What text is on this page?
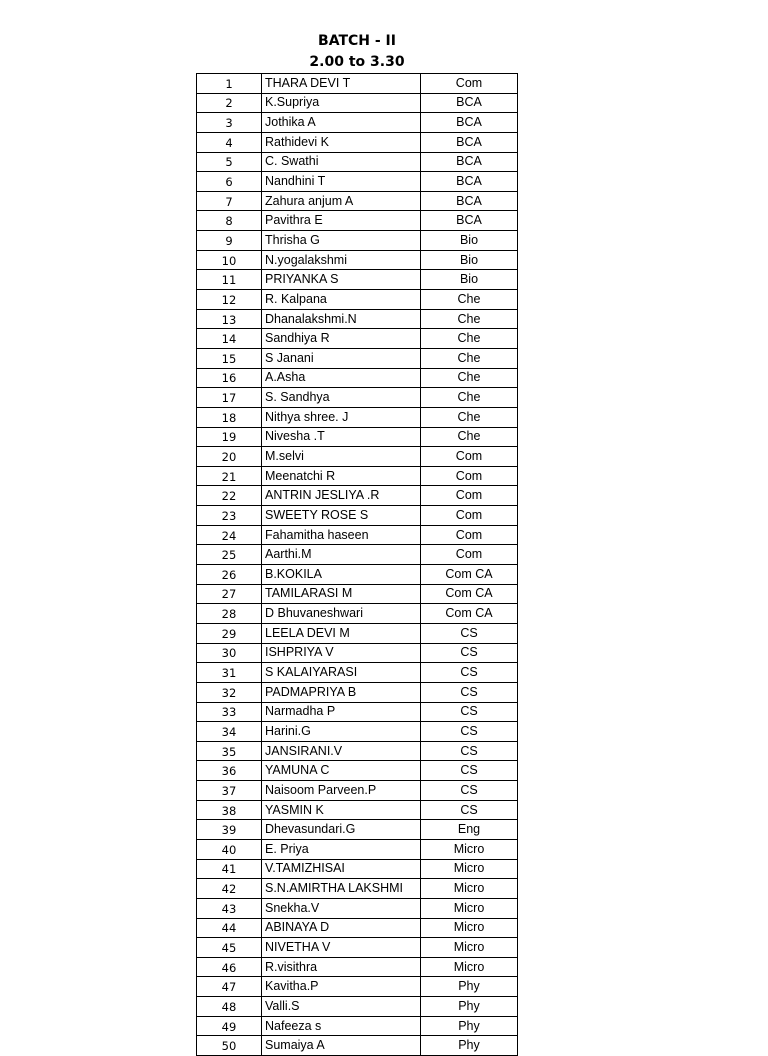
BATCH - II
2.00 to 3.30
1	THARA DEVI T	Com
2	K.Supriya	BCA
3	Jothika A	BCA
4	Rathidevi K	BCA
5	C. Swathi	BCA
6	Nandhini T	BCA
7	Zahura anjum A	BCA
8	Pavithra E	BCA
9	Thrisha G	Bio
10	N.yogalakshmi	Bio
11	PRIYANKA S	Bio
12	R. Kalpana	Che
13	Dhanalakshmi.N	Che
14	Sandhiya R	Che
15	S Janani	Che
16	A.Asha	Che
17	S. Sandhya	Che
18	Nithya shree. J	Che
19	Nivesha .T	Che
20	M.selvi	Com
21	Meenatchi R	Com
22	ANTRIN JESLIYA .R	Com
23	SWEETY ROSE S	Com
24	Fahamitha haseen	Com
25	Aarthi.M	Com
26	B.KOKILA	Com CA
27	TAMILARASI M	Com CA
28	D Bhuvaneshwari	Com CA
29	LEELA DEVI M	CS
30	ISHPRIYA V	CS
31	S KALAIYARASI	CS
32	PADMAPRIYA B	CS
33	Narmadha P	CS
34	Harini.G	CS
35	JANSIRANI.V	CS
36	YAMUNA C	CS
37	Naisoom Parveen.P	CS
38	YASMIN K	CS
39	Dhevasundari.G	Eng
40	E. Priya	Micro
41	V.TAMIZHISAI	Micro
42	S.N.AMIRTHA LAKSHMI	Micro
43	Snekha.V	Micro
44	ABINAYA D	Micro
45	NIVETHA V	Micro
46	R.visithra	Micro
47	Kavitha.P	Phy
48	Valli.S	Phy
49	Nafeeza s	Phy
50	Sumaiya A	Phy
